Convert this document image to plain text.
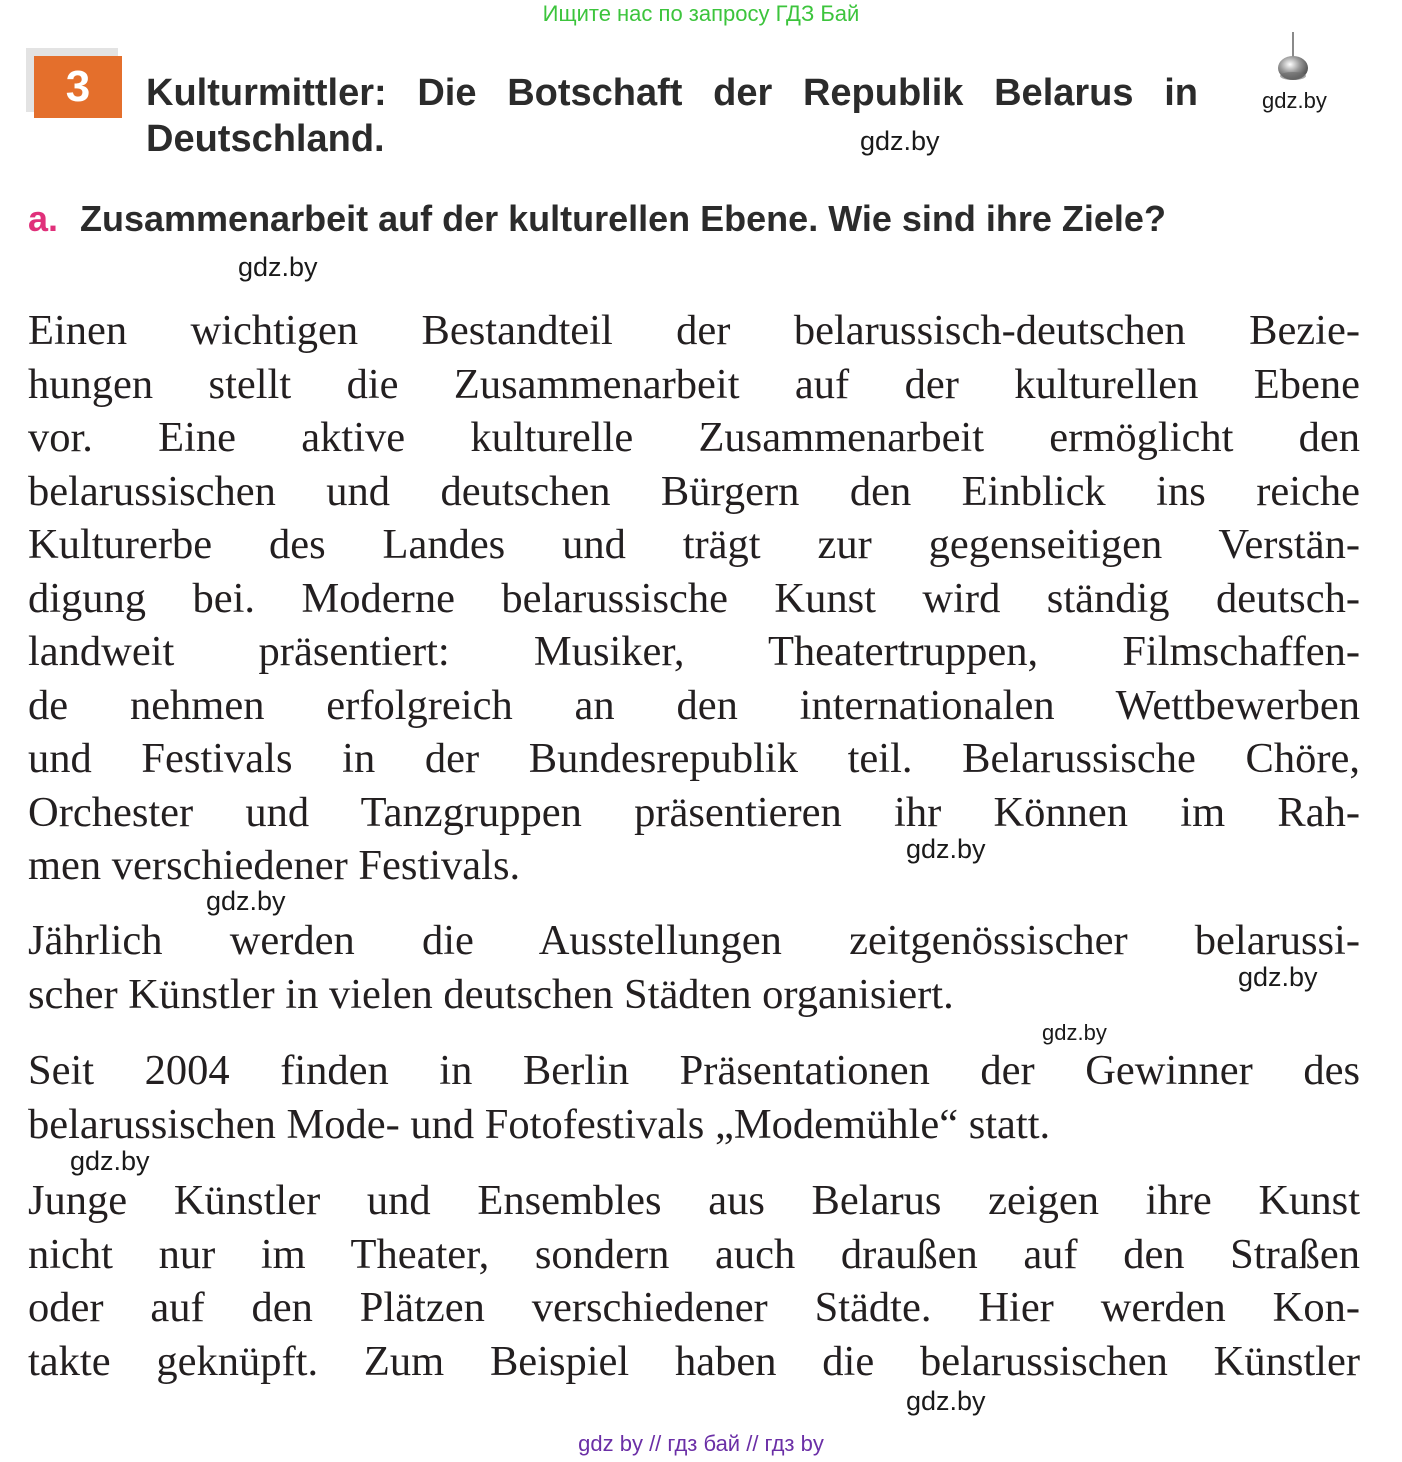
Ищите нас по запросу ГДЗ Бай
3	Kulturmittler: Die Botschaft der Republik Belarus in Deutschland.
a. Zusammenarbeit auf der kulturellen Ebene. Wie sind ihre Ziele?
Einen wichtigen Bestandteil der belarussisch-deutschen Bezie-
hungen stellt die Zusammenarbeit auf der kulturellen Ebene
vor. Eine aktive kulturelle Zusammenarbeit ermöglicht den
belarussischen und deutschen Bürgern den Einblick ins reiche
Kulturerbe des Landes und trägt zur gegenseitigen Verstän-
digung bei. Moderne belarussische Kunst wird ständig deutsch-
landweit präsentiert: Musiker, Theatertruppen, Filmschaffen-
de nehmen erfolgreich an den internationalen Wettbewerben
und Festivals in der Bundesrepublik teil. Belarussische Chöre,
Orchester und Tanzgruppen präsentieren ihr Können im Rah-
men verschiedener Festivals.
Jährlich werden die Ausstellungen zeitgenössischer belarussi-
scher Künstler in vielen deutschen Städten organisiert.
Seit 2004 finden in Berlin Präsentationen der Gewinner des
belarussischen Mode- und Fotofestivals „Modemühle“ statt.
Junge Künstler und Ensembles aus Belarus zeigen ihre Kunst
nicht nur im Theater, sondern auch draußen auf den Straßen
oder auf den Plätzen verschiedener Städte. Hier werden Kon-
takte geknüpft. Zum Beispiel haben die belarussischen Künstler
gdz.by
gdz.by
gdz.by
gdz.by
gdz.by
gdz.by
gdz.by
gdz.by
gdz.by
gdz by // гдз бай // гдз by
